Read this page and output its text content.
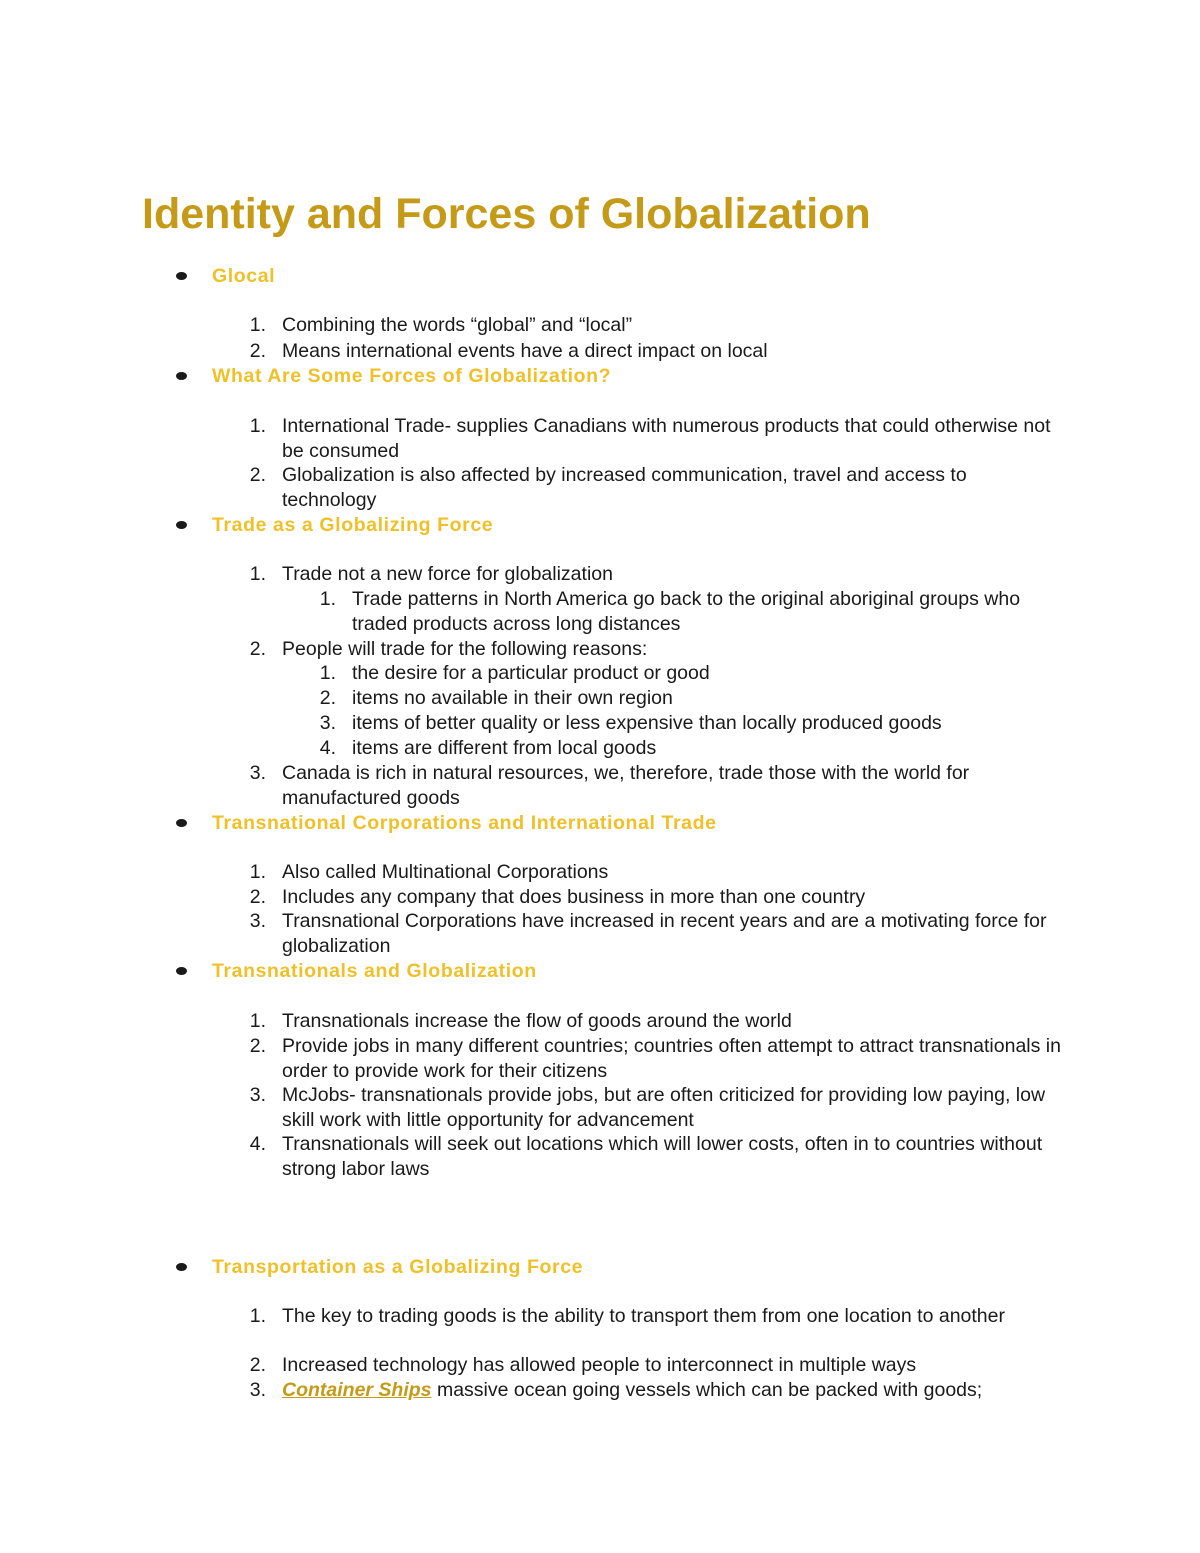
Identity and Forces of Globalization
Glocal
1. Combining the words “global” and “local”
2. Means international events have a direct impact on local
What Are Some Forces of Globalization?
1. International Trade- supplies Canadians with numerous products that could otherwise not be consumed
2. Globalization is also affected by increased communication, travel and access to technology
Trade as a Globalizing Force
1. Trade not a new force for globalization
1. Trade patterns in North America go back to the original aboriginal groups who traded products across long distances
2. People will trade for the following reasons:
1. the desire for a particular product or good
2. items no available in their own region
3. items of better quality or less expensive than locally produced goods
4. items are different from local goods
3. Canada is rich in natural resources, we, therefore, trade those with the world for manufactured goods
Transnational Corporations and International Trade
1. Also called Multinational Corporations
2. Includes any company that does business in more than one country
3. Transnational Corporations have increased in recent years and are a motivating force for globalization
Transnationals and Globalization
1. Transnationals increase the flow of goods around the world
2. Provide jobs in many different countries; countries often attempt to attract transnationals in order to provide work for their citizens
3. McJobs- transnationals provide jobs, but are often criticized for providing low paying, low skill work with little opportunity for advancement
4. Transnationals will seek out locations which will lower costs, often in to countries without strong labor laws
Transportation as a Globalizing Force
1. The key to trading goods is the ability to transport them from one location to another
2. Increased technology has allowed people to interconnect in multiple ways
3. Container Ships massive ocean going vessels which can be packed with goods;
